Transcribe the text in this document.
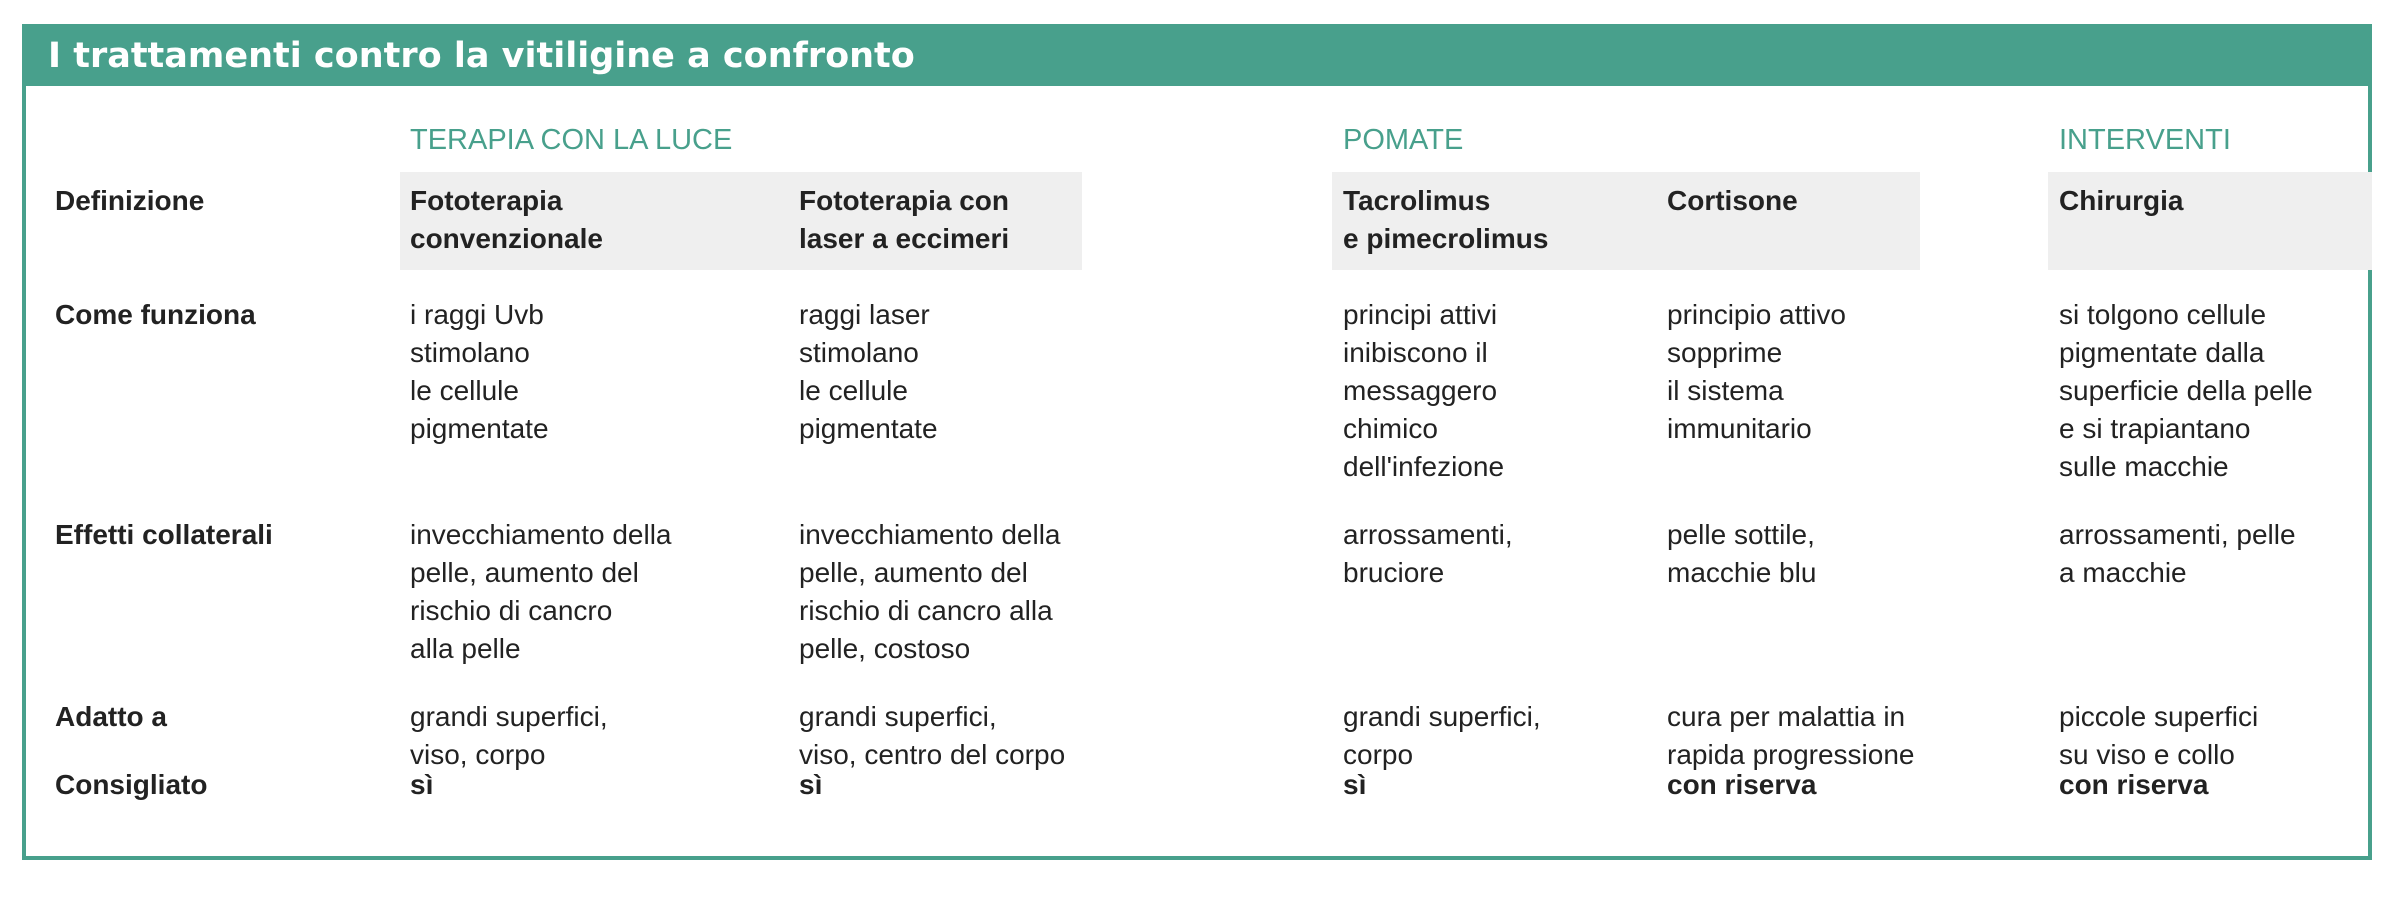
I trattamenti contro la vitiligine a confronto
TERAPIA CON LA LUCE	POMATE	INTERVENTI
Definizione
Come funziona
Effetti collaterali
Adatto a
Consigliato
Fototerapia
convenzionale
i raggi Uvb
stimolano
le cellule
pigmentate
invecchiamento della
pelle, aumento del
rischio di cancro
alla pelle
grandi superfici,
viso, corpo
sì
Fototerapia con
laser a eccimeri
raggi laser
stimolano
le cellule
pigmentate
invecchiamento della
pelle, aumento del
rischio di cancro alla
pelle, costoso
grandi superfici,
viso, centro del corpo
sì
Tacrolimus
e pimecrolimus
principi attivi
inibiscono il
messaggero
chimico
dell'infezione
arrossamenti,
bruciore
grandi superfici,
corpo
sì
Cortisone
principio attivo
sopprime
il sistema
immunitario
pelle sottile,
macchie blu
cura per malattia in
rapida progressione
con riserva
Chirurgia
si tolgono cellule
pigmentate dalla
superficie della pelle
e si trapiantano
sulle macchie
arrossamenti, pelle
a macchie
piccole superfici
su viso e collo
con riserva
